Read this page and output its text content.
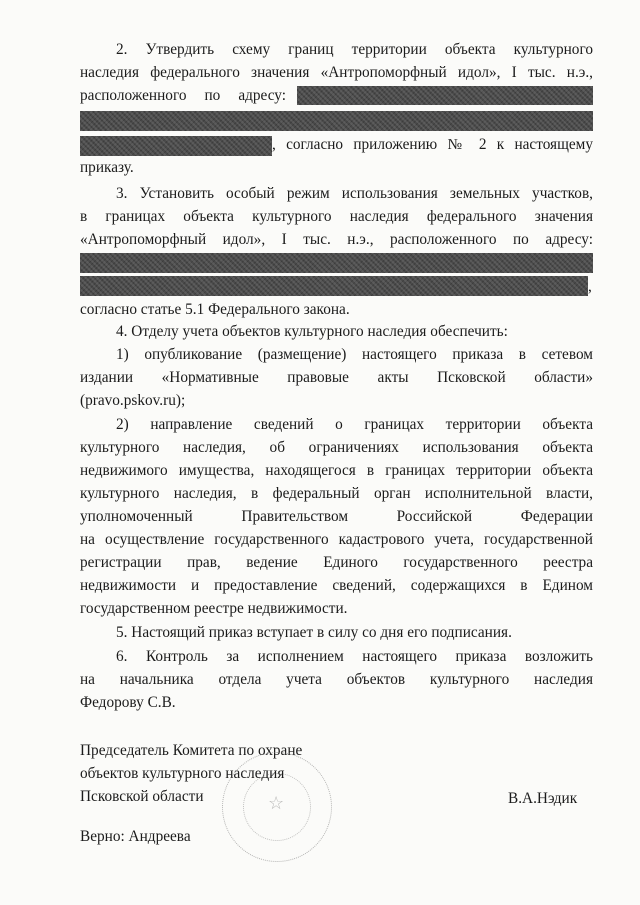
2. Утвердить схему границ территории объекта культурного
наследия федерального значения «Антропоморфный идол», I тыс. н.э.,
расположенного по адресу:
, согласно приложению № 2 к настоящему
приказу.
3. Установить особый режим использования земельных участков,
в границах объекта культурного наследия федерального значения
«Антропоморфный идол», I тыс. н.э., расположенного по адресу:
,
согласно статье 5.1 Федерального закона.
4. Отделу учета объектов культурного наследия обеспечить:
1) опубликование (размещение) настоящего приказа в сетевом
издании «Нормативные правовые акты Псковской области»
(pravo.pskov.ru);
2) направление сведений о границах территории объекта
культурного наследия, об ограничениях использования объекта
недвижимого имущества, находящегося в границах территории объекта
культурного наследия, в федеральный орган исполнительной власти,
уполномоченный Правительством Российской Федерации
на осуществление государственного кадастрового учета, государственной
регистрации прав, ведение Единого государственного реестра
недвижимости и предоставление сведений, содержащихся в Едином
государственном реестре недвижимости.
5. Настоящий приказ вступает в силу со дня его подписания.
6. Контроль за исполнением настоящего приказа возложить
на начальника отдела учета объектов культурного наследия
Федорову С.В.
Председатель Комитета по охране
объектов культурного наследия
Псковской области	В.А.Нэдик
☆
Верно: Андреева
